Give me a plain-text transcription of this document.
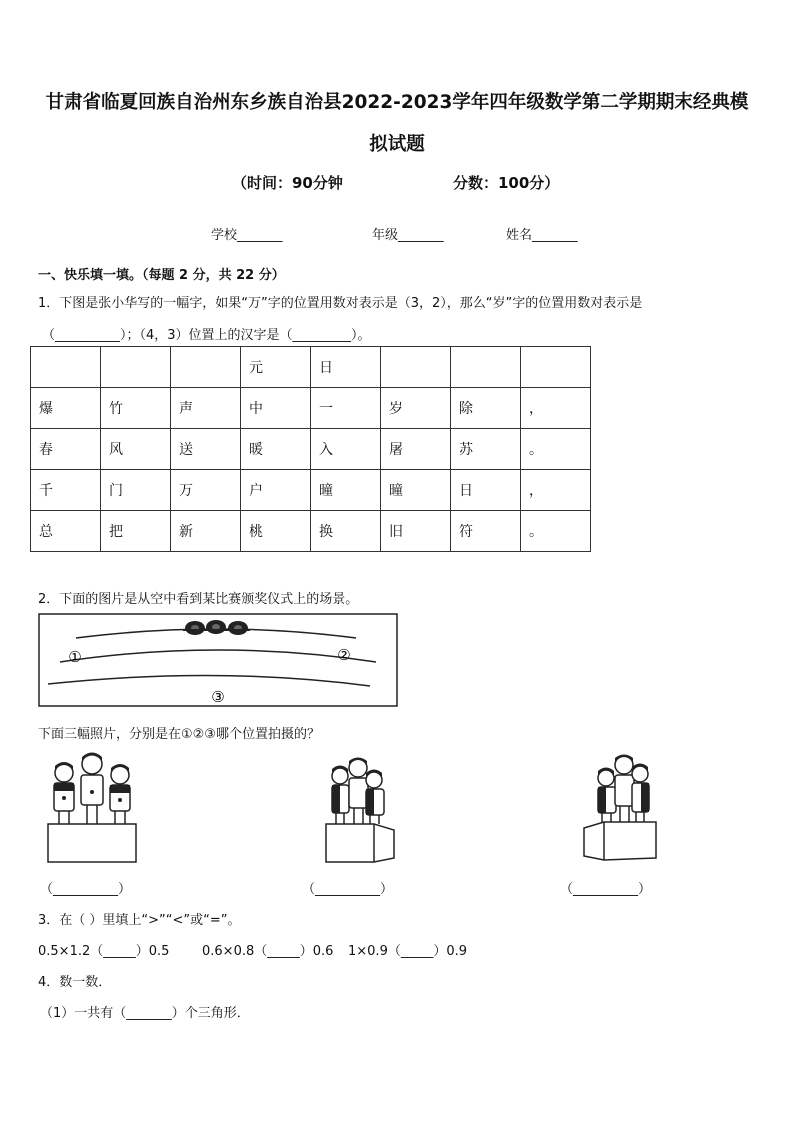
甘肃省临夏回族自治州东乡族自治县2022-2023学年四年级数学第二学期期末经典模
拟试题
（时间：90分钟	分数：100分）
学校_______	年级_______	姓名_______
一、快乐填一填。（每题 2 分，共 22 分）
1．下图是张小华写的一幅字，如果“万”字的位置用数对表示是（3，2），那么“岁”字的位置用数对表示是
（__________）；（4，3）位置上的汉字是（_________）。
			元	日			
爆	竹	声	中	一	岁	除	，
春	风	送	暖	入	屠	苏	。
千	门	万	户	曈	曈	日	，
总	把	新	桃	换	旧	符	。
2．下面的图片是从空中看到某比赛颁奖仪式上的场景。
①	②
③
下面三幅照片，分别是在①②③哪个位置拍摄的？
（__________）	（__________）	（__________）
3．在（ ）里填上“>”“<”或“=”。
0.5×1.2（_____）0.5	0.6×0.8（_____）0.6 1×0.9（_____）0.9
4．数一数．
（1）一共有（_______）个三角形．
